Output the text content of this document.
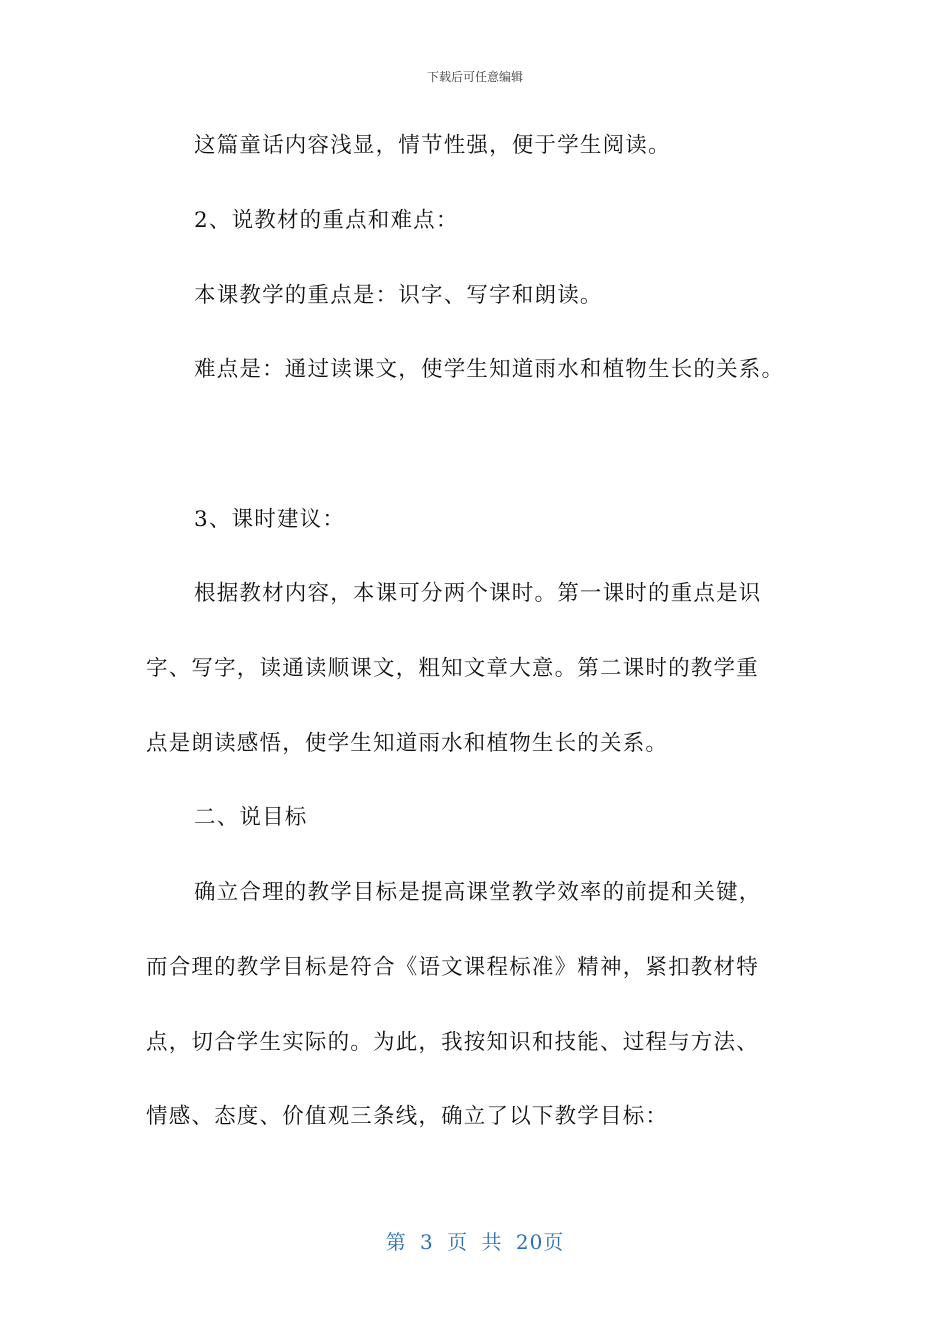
下载后可任意编辑
这篇童话内容浅显，情节性强，便于学生阅读。
2、说教材的重点和难点：
本课教学的重点是：识字、写字和朗读。
难点是：通过读课文，使学生知道雨水和植物生长的关系。
3、课时建议：
根据教材内容，本课可分两个课时。第一课时的重点是识
字、写字，读通读顺课文，粗知文章大意。第二课时的教学重
点是朗读感悟，使学生知道雨水和植物生长的关系。
二、说目标
确立合理的教学目标是提高课堂教学效率的前提和关键，
而合理的教学目标是符合《语文课程标准》精神，紧扣教材特
点，切合学生实际的。为此，我按知识和技能、过程与方法、
情感、态度、价值观三条线，确立了以下教学目标：
第 3 页 共 20页
